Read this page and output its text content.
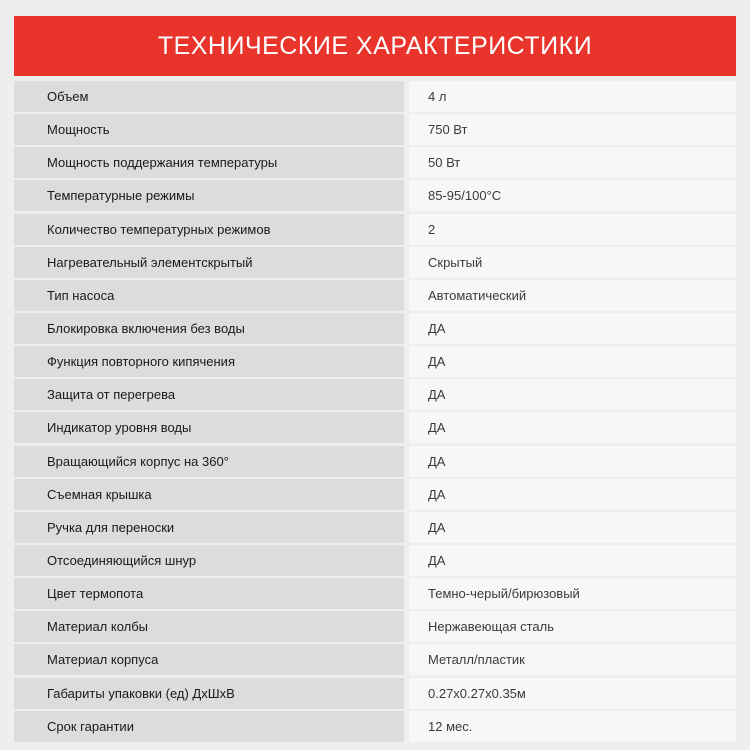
ТЕХНИЧЕСКИЕ ХАРАКТЕРИСТИКИ
Объем	4 л
Мощность	750 Вт
Мощность поддержания температуры	50 Вт
Температурные режимы	85-95/100°C
Количество температурных режимов	2
Нагревательный элементскрытый	Скрытый
Тип насоса	Автоматический
Блокировка включения без воды	ДА
Функция повторного кипячения	ДА
Защита от перегрева	ДА
Индикатор уровня воды	ДА
Вращающийся корпус на 360°	ДА
Съемная крышка	ДА
Ручка для переноски	ДА
Отсоединяющийся шнур	ДА
Цвет термопота	Темно-черый/бирюзовый
Материал колбы	Нержавеющая сталь
Материал корпуса	Металл/пластик
Габариты упаковки (ед) ДхШхВ	0.27х0.27х0.35м
Срок гарантии	12 мес.
